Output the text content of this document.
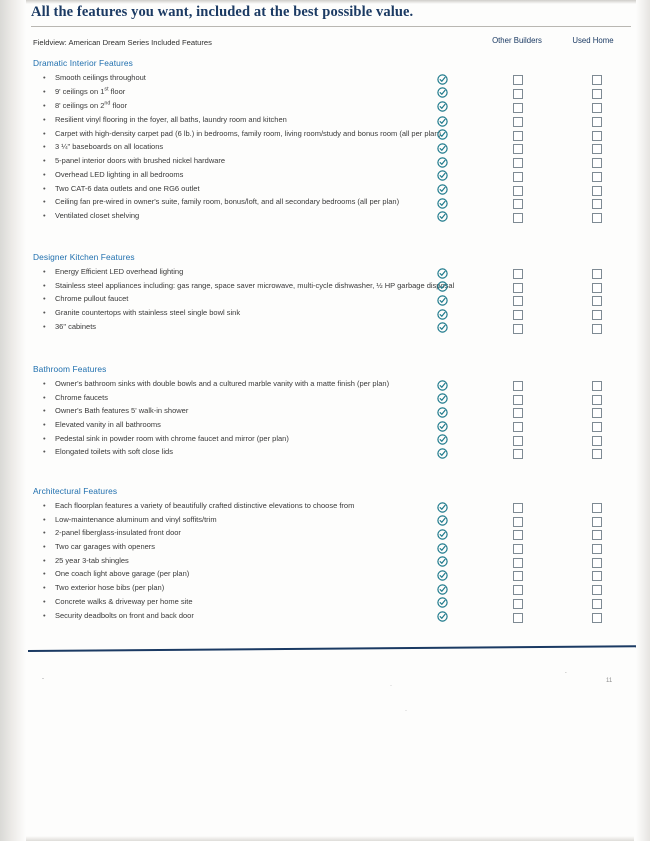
All the features you want, included at the best possible value.
Fieldview: American Dream Series Included Features	Other Builders	Used Home
Dramatic Interior Features
• Smooth ceilings throughout
• 9' ceilings on 1st floor
• 8' ceilings on 2nd floor
• Resilient vinyl flooring in the foyer, all baths, laundry room and kitchen
• Carpet with high-density carpet pad (6 lb.) in bedrooms, family room, living room/study and bonus room (all per plan)
• 3 ¼" baseboards on all locations
• 5-panel interior doors with brushed nickel hardware
• Overhead LED lighting in all bedrooms
• Two CAT-6 data outlets and one RG6 outlet
• Ceiling fan pre-wired in owner's suite, family room, bonus/loft, and all secondary bedrooms (all per plan)
• Ventilated closet shelving
Designer Kitchen Features
• Energy Efficient LED overhead lighting
• Stainless steel appliances including: gas range, space saver microwave, multi-cycle dishwasher, ½ HP garbage disposal
• Chrome pullout faucet
• Granite countertops with stainless steel single bowl sink
• 36" cabinets
Bathroom Features
• Owner's bathroom sinks with double bowls and a cultured marble vanity with a matte finish (per plan)
• Chrome faucets
• Owner's Bath features 5' walk-in shower
• Elevated vanity in all bathrooms
• Pedestal sink in powder room with chrome faucet and mirror (per plan)
• Elongated toilets with soft close lids
Architectural Features
• Each floorplan features a variety of beautifully crafted distinctive elevations to choose from
• Low-maintenance aluminum and vinyl soffits/trim
• 2-panel fiberglass-insulated front door
• Two car garages with openers
• 25 year 3-tab shingles
• One coach light above garage (per plan)
• Two exterior hose bibs (per plan)
• Concrete walks & driveway per home site
• Security deadbolts on front and back door
-
·
·
11
-
